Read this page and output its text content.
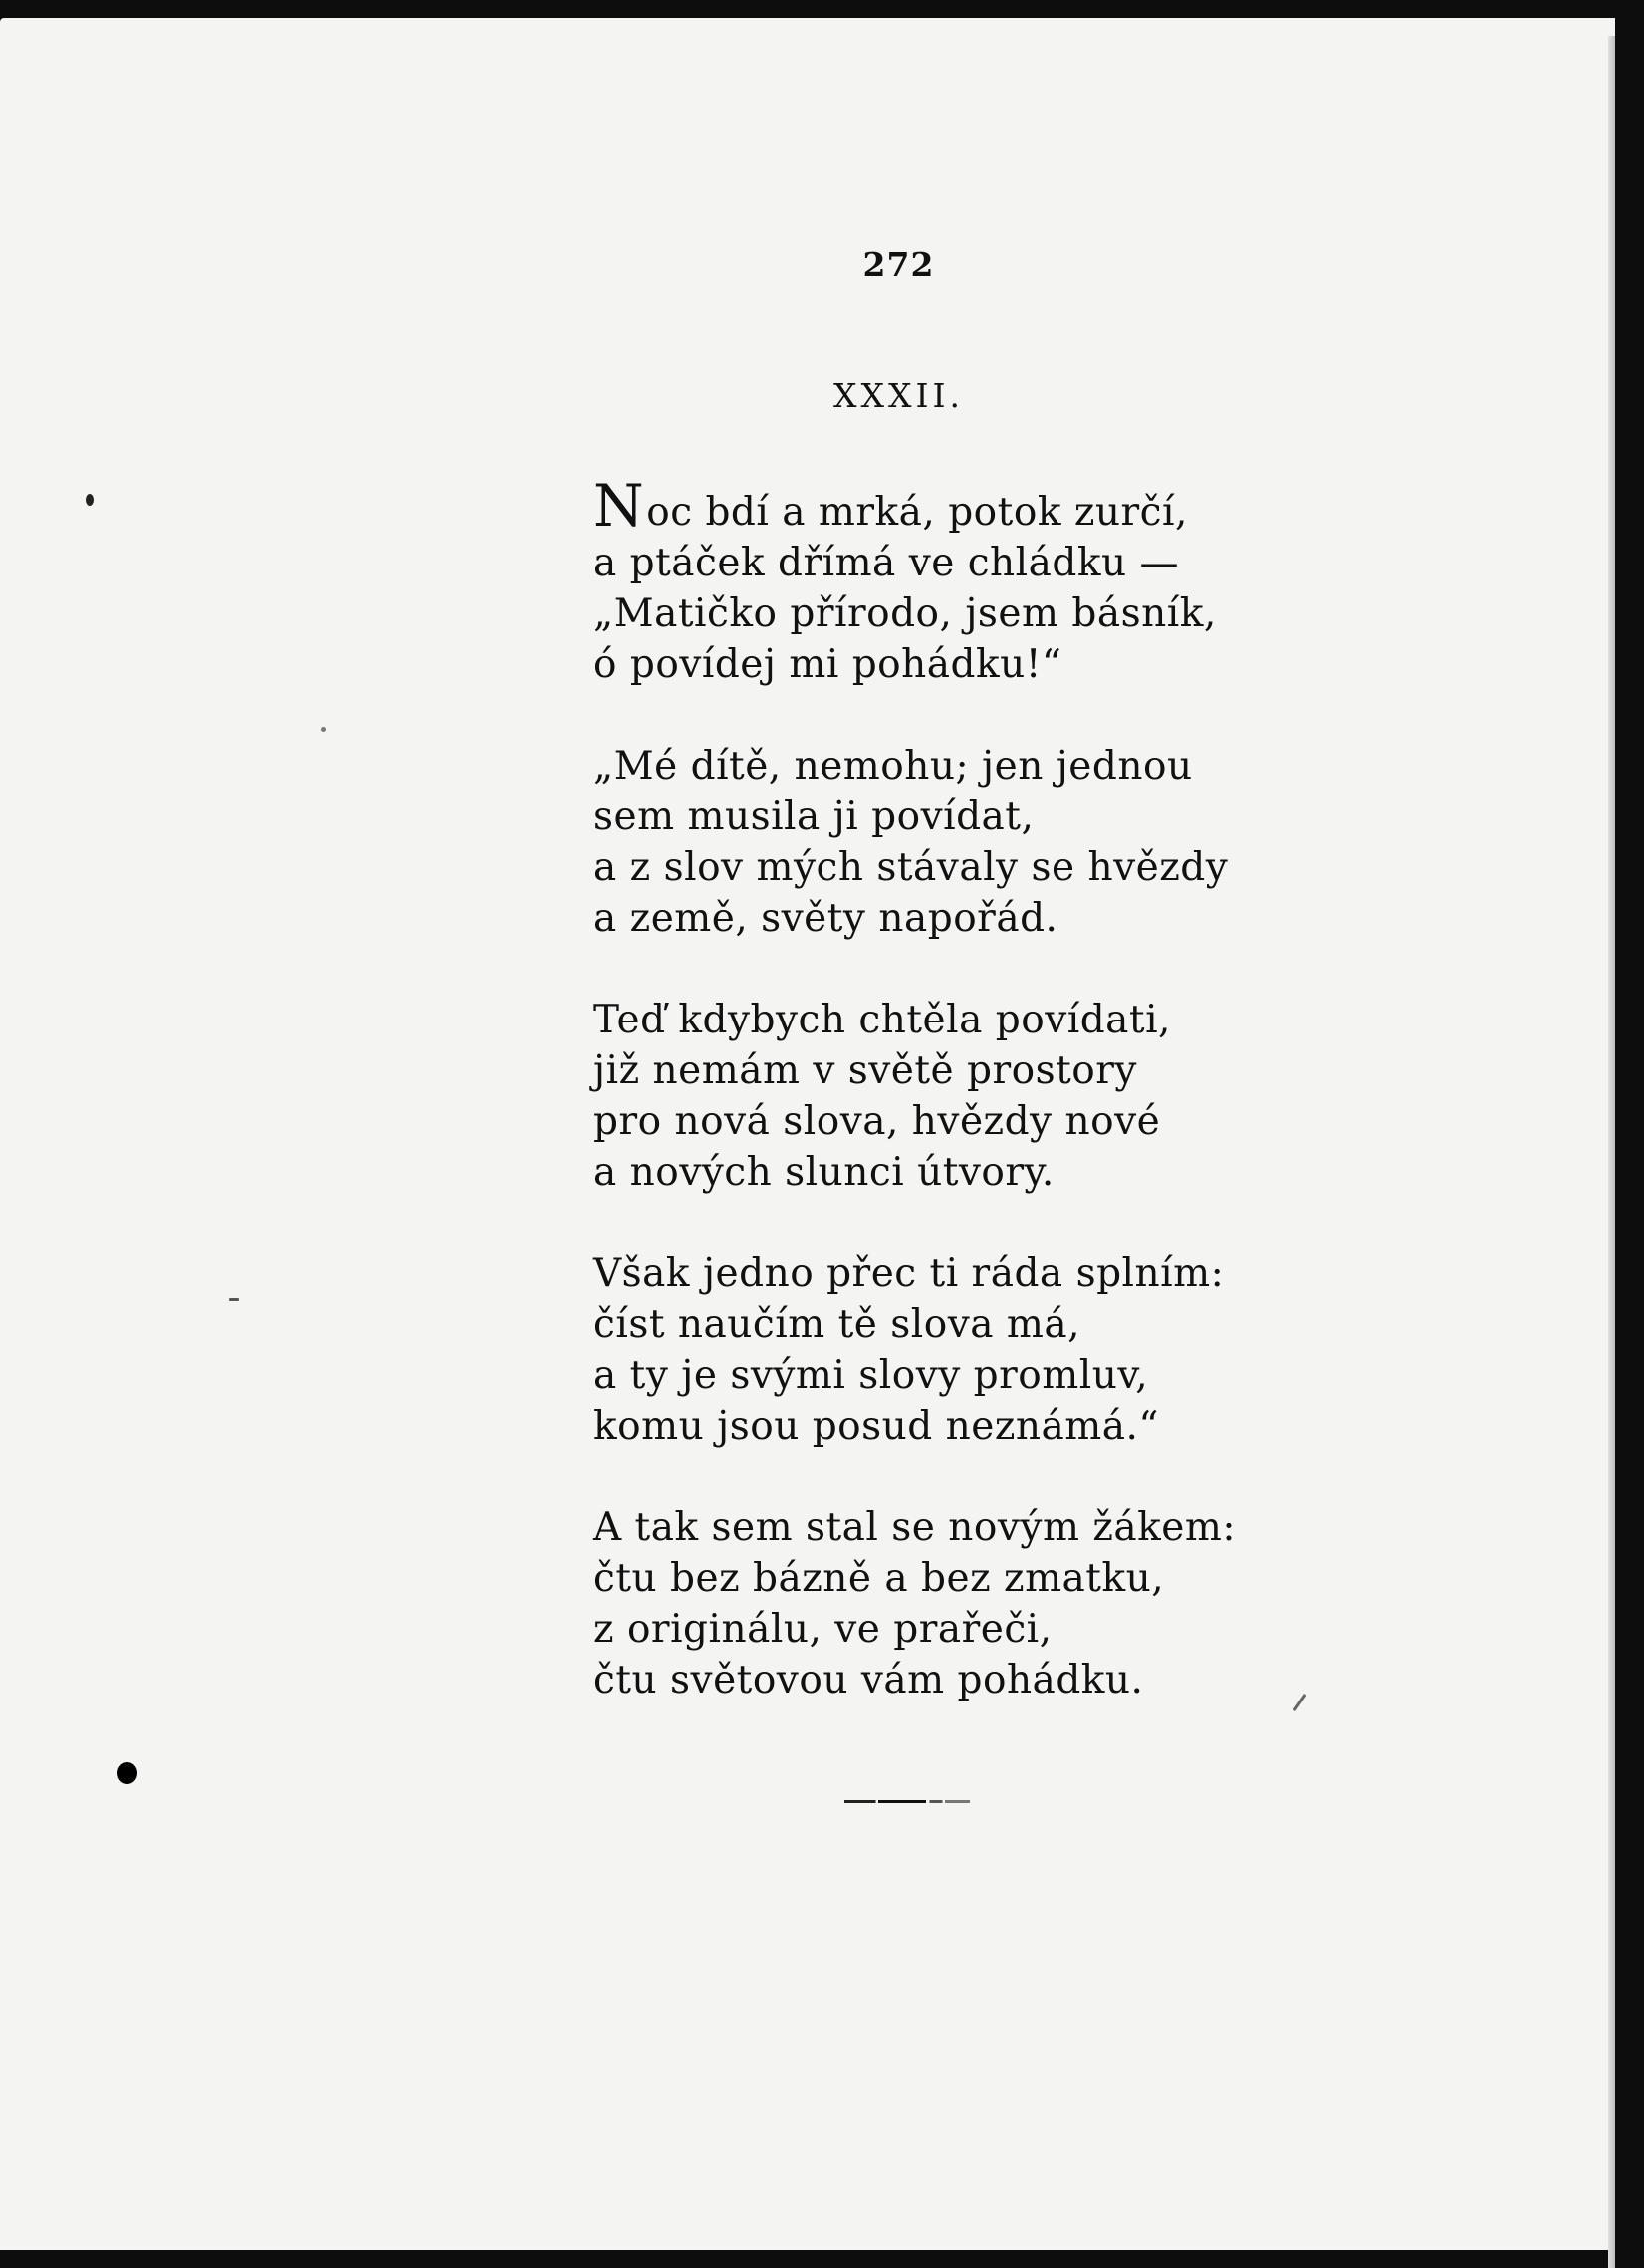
272
XXXII.
Noc bdí a mrká, potok zurčí,
a ptáček dřímá ve chládku —
„Matičko přírodo, jsem básník,
ó povídej mi pohádku!“
„Mé dítě, nemohu; jen jednou
sem musila ji povídat,
a z slov mých stávaly se hvězdy
a země, světy napořád.
Teď kdybych chtěla povídati,
již nemám v světě prostory
pro nová slova, hvězdy nové
a nových slunci útvory.
Však jedno přec ti ráda splním:
číst naučím tě slova má,
a ty je svými slovy promluv,
komu jsou posud neznámá.“
A tak sem stal se novým žákem:
čtu bez bázně a bez zmatku,
z originálu, ve prařeči,
čtu světovou vám pohádku.
